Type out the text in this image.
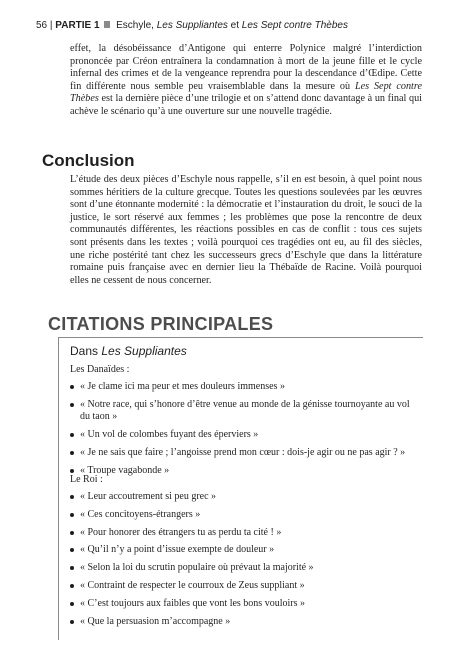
56 | PARTIE 1 Eschyle, Les Suppliantes et Les Sept contre Thèbes
effet, la désobéissance d’Antigone qui enterre Polynice malgré l’interdiction prononcée par Créon entraînera la condamnation à mort de la jeune fille et le cycle infernal des crimes et de la vengeance reprendra pour la descendance d’Œdipe. Cette fin différente nous semble peu vraisemblable dans la mesure où Les Sept contre Thèbes est la dernière pièce d’une trilogie et on s’attend donc davantage à un final qui achève le scénario qu’à une ouverture sur une nouvelle tragédie.
Conclusion
L’étude des deux pièces d’Eschyle nous rappelle, s’il en est besoin, à quel point nous sommes héritiers de la culture grecque. Toutes les questions soulevées par les œuvres sont d’une étonnante modernité : la démocratie et l’instauration du droit, le souci de la justice, le sort réservé aux femmes ; les problèmes que pose la rencontre de deux communautés différentes, les réactions possibles en cas de conflit : tous ces sujets sont présents dans les textes ; voilà pourquoi ces tragédies ont eu, au fil des siècles, une riche postérité tant chez les successeurs grecs d’Eschyle que dans la littérature romaine puis française avec en dernier lieu la Thébaïde de Racine. Voilà pourquoi elles ne cessent de nous concerner.
CITATIONS PRINCIPALES
Dans Les Suppliantes
Les Danaïdes :
« Je clame ici ma peur et mes douleurs immenses »
« Notre race, qui s’honore d’être venue au monde de la génisse tournoyante au vol du taon »
« Un vol de colombes fuyant des éperviers »
« Je ne sais que faire ; l’angoisse prend mon cœur : dois-je agir ou ne pas agir ? »
« Troupe vagabonde »
Le Roi :
« Leur accoutrement si peu grec »
« Ces concitoyens-étrangers »
« Pour honorer des étrangers tu as perdu ta cité ! »
« Qu’il n’y a point d’issue exempte de douleur »
« Selon la loi du scrutin populaire où prévaut la majorité »
« Contraint de respecter le courroux de Zeus suppliant »
« C’est toujours aux faibles que vont les bons vouloirs »
« Que la persuasion m’accompagne »
